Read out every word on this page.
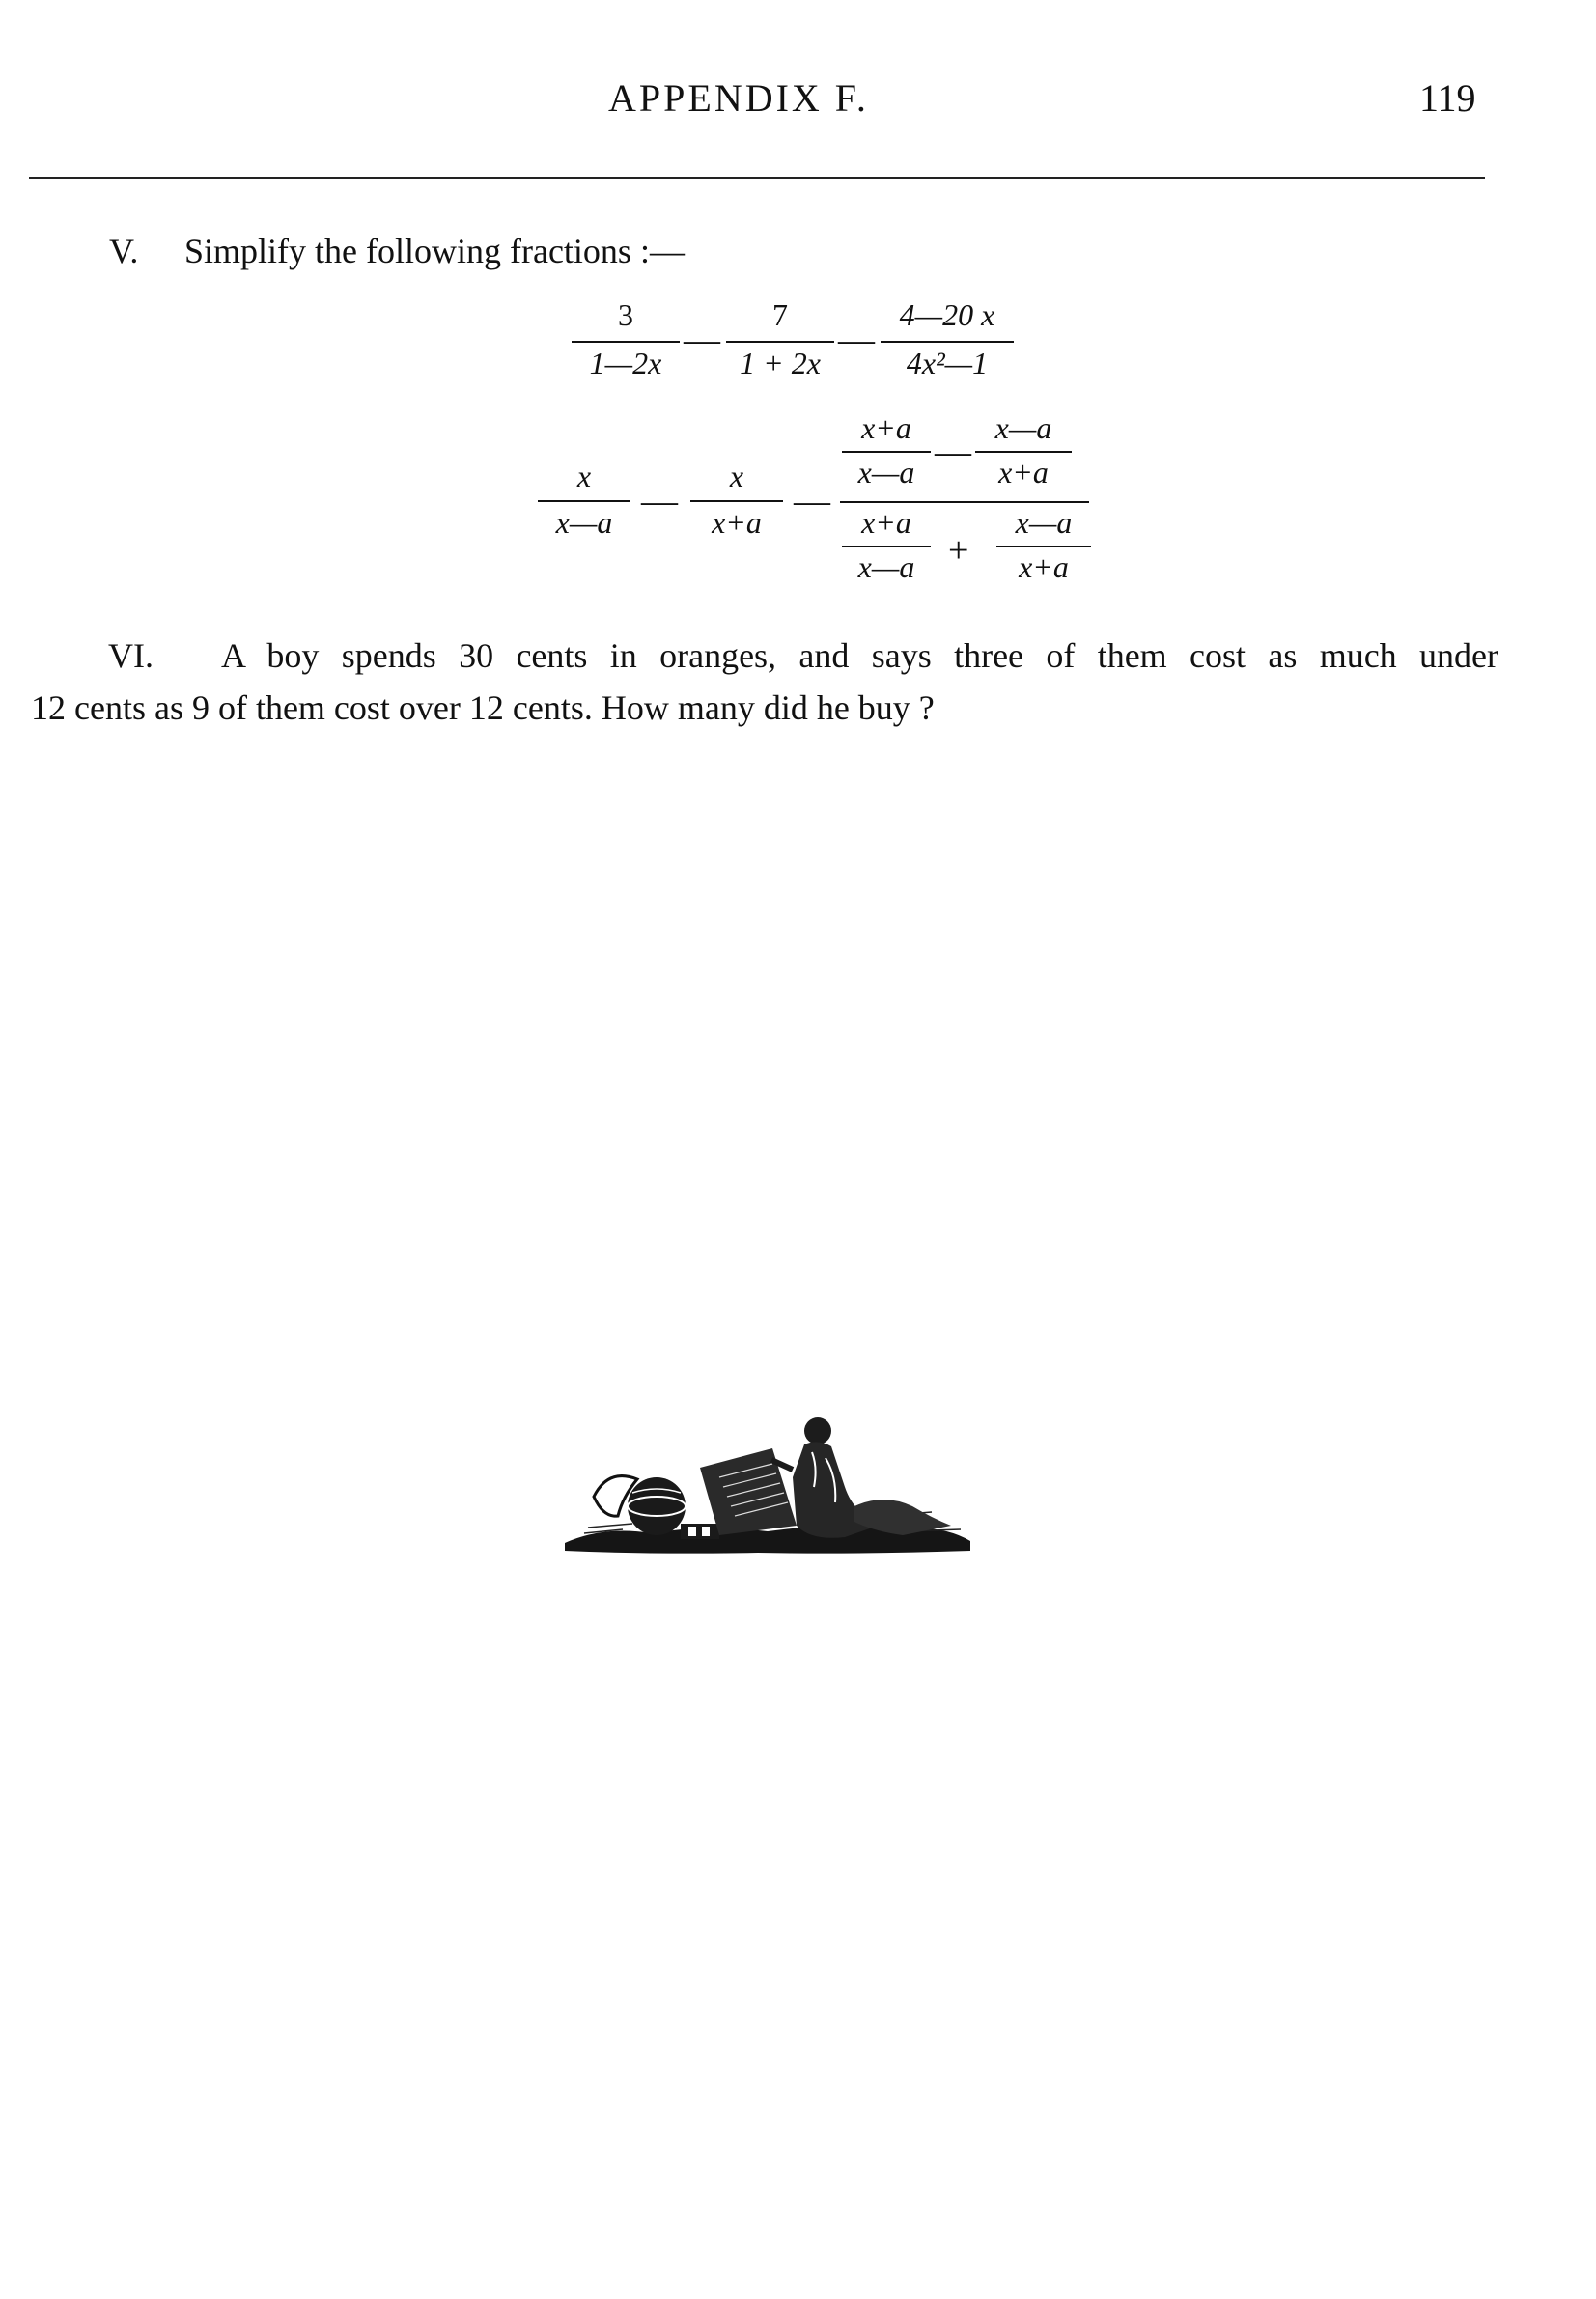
APPENDIX F.	119
V. Simplify the following fractions :—
3
1—2x
—
7
1 + 2x
—
4—20 x
4x²—1
x
x—a
—
x
x+a
—
x+a
x—a —
x—a
x+a
x+a
x—a +
x—a
x+a
VI. A boy spends 30 cents in oranges, and says three of them cost as much under
12 cents as 9 of them cost over 12 cents. How many did he buy ?
